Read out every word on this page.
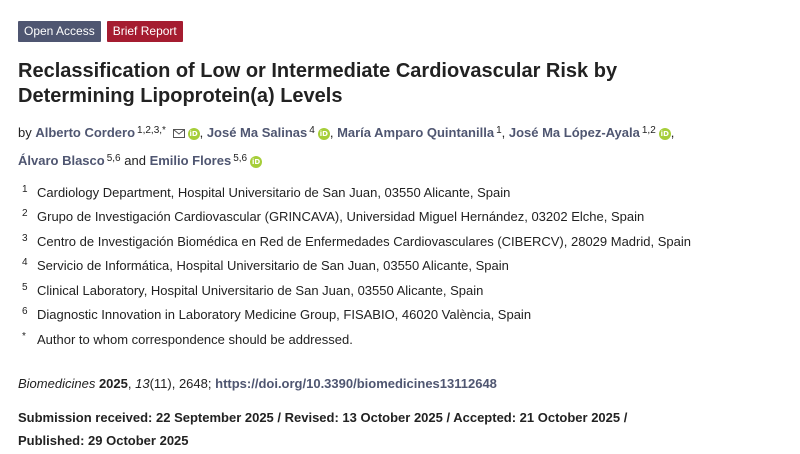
Open Access	Brief Report
Reclassification of Low or Intermediate Cardiovascular Risk by Determining Lipoprotein(a) Levels
by Alberto Cordero $^{1,2,3,*}$	iD , José Ma Salinas $^4$ iD , María Amparo Quintanilla $^1$, José Ma López-Ayala $^{1,2}$ iD ,
Álvaro Blasco $^{5,6}$ and Emilio Flores $^{5,6}$ iD
1 Cardiology Department, Hospital Universitario de San Juan, 03550 Alicante, Spain
2 Grupo de Investigación Cardiovascular (GRINCAVA), Universidad Miguel Hernández, 03202 Elche, Spain
3 Centro de Investigación Biomédica en Red de Enfermedades Cardiovasculares (CIBERCV), 28029 Madrid, Spain
4 Servicio de Informática, Hospital Universitario de San Juan, 03550 Alicante, Spain
5 Clinical Laboratory, Hospital Universitario de San Juan, 03550 Alicante, Spain
6 Diagnostic Innovation in Laboratory Medicine Group, FISABIO, 46020 València, Spain
* Author to whom correspondence should be addressed.
Biomedicines 2025, 13(11), 2648; https://doi.org/10.3390/biomedicines13112648
Submission received: 22 September 2025 / Revised: 13 October 2025 / Accepted: 21 October 2025 /
Published: 29 October 2025
